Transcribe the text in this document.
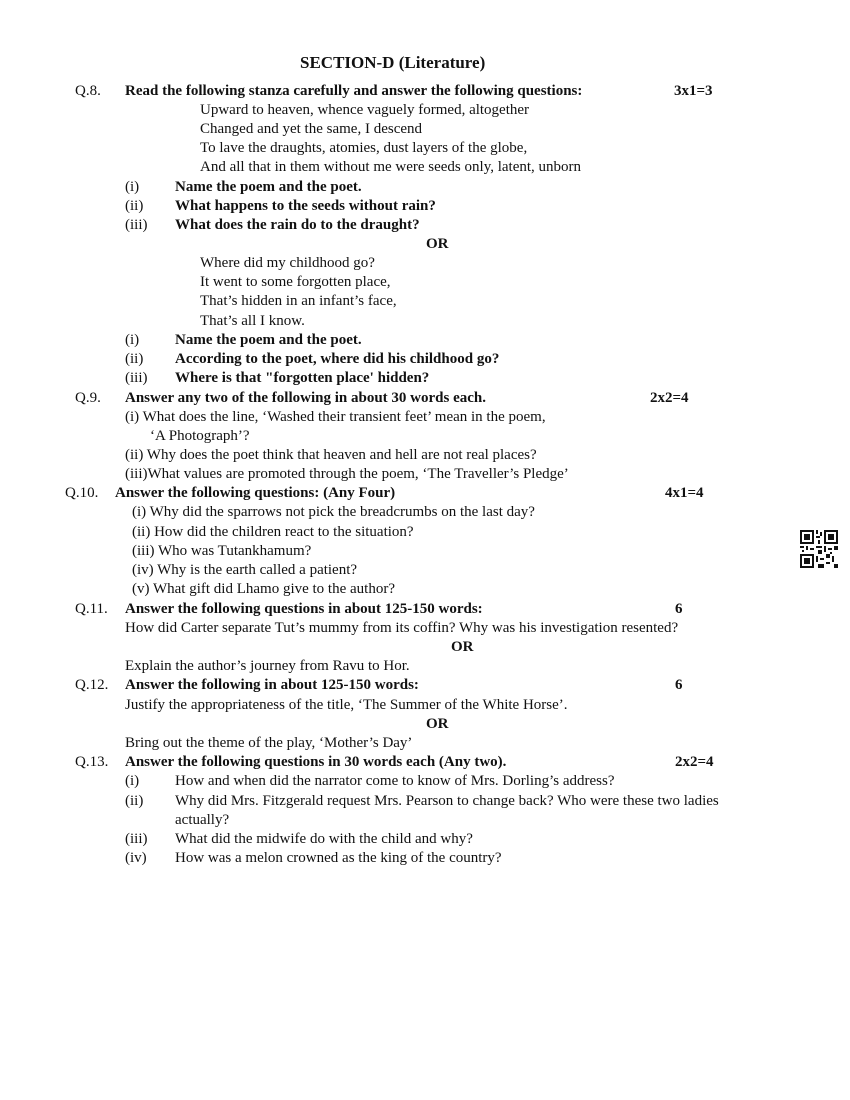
SECTION-D (Literature)
Q.8. Read the following stanza carefully and answer the following questions:	3x1=3
Upward to heaven, whence vaguely formed, altogether
Changed and yet the same, I descend
To lave the draughts, atomies, dust layers of the globe,
And all that in them without me were seeds only, latent, unborn
(i) Name the poem and the poet.
(ii) What happens to the seeds without rain?
(iii) What does the rain do to the draught?
OR
Where did my childhood go?
It went to some forgotten place,
That’s hidden in an infant’s face,
That’s all I know.
(i) Name the poem and the poet.
(ii) According to the poet, where did his childhood go?
(iii) Where is that "forgotten place' hidden?
Q.9. Answer any two of the following in about 30 words each.	2x2=4
(i) What does the line, ‘Washed their transient feet’ mean in the poem,
‘A Photograph’?
(ii) Why does the poet think that heaven and hell are not real places?
(iii)What values are promoted through the poem, ‘The Traveller’s Pledge’
Q.10. Answer the following questions: (Any Four)	4x1=4
(i) Why did the sparrows not pick the breadcrumbs on the last day?
(ii) How did the children react to the situation?
(iii) Who was Tutankhamum?
(iv) Why is the earth called a patient?
(v) What gift did Lhamo give to the author?
Q.11. Answer the following questions in about 125-150 words:	6
How did Carter separate Tut’s mummy from its coffin? Why was his investigation resented?
OR
Explain the author’s journey from Ravu to Hor.
Q.12. Answer the following in about 125-150 words:	6
Justify the appropriateness of the title, ‘The Summer of the White Horse’.
OR
Bring out the theme of the play, ‘Mother’s Day’
Q.13. Answer the following questions in 30 words each (Any two).	2x2=4
(i) How and when did the narrator come to know of Mrs. Dorling’s address?
(ii) Why did Mrs. Fitzgerald request Mrs. Pearson to change back? Who were these two ladies
actually?
(iii) What did the midwife do with the child and why?
(iv) How was a melon crowned as the king of the country?
